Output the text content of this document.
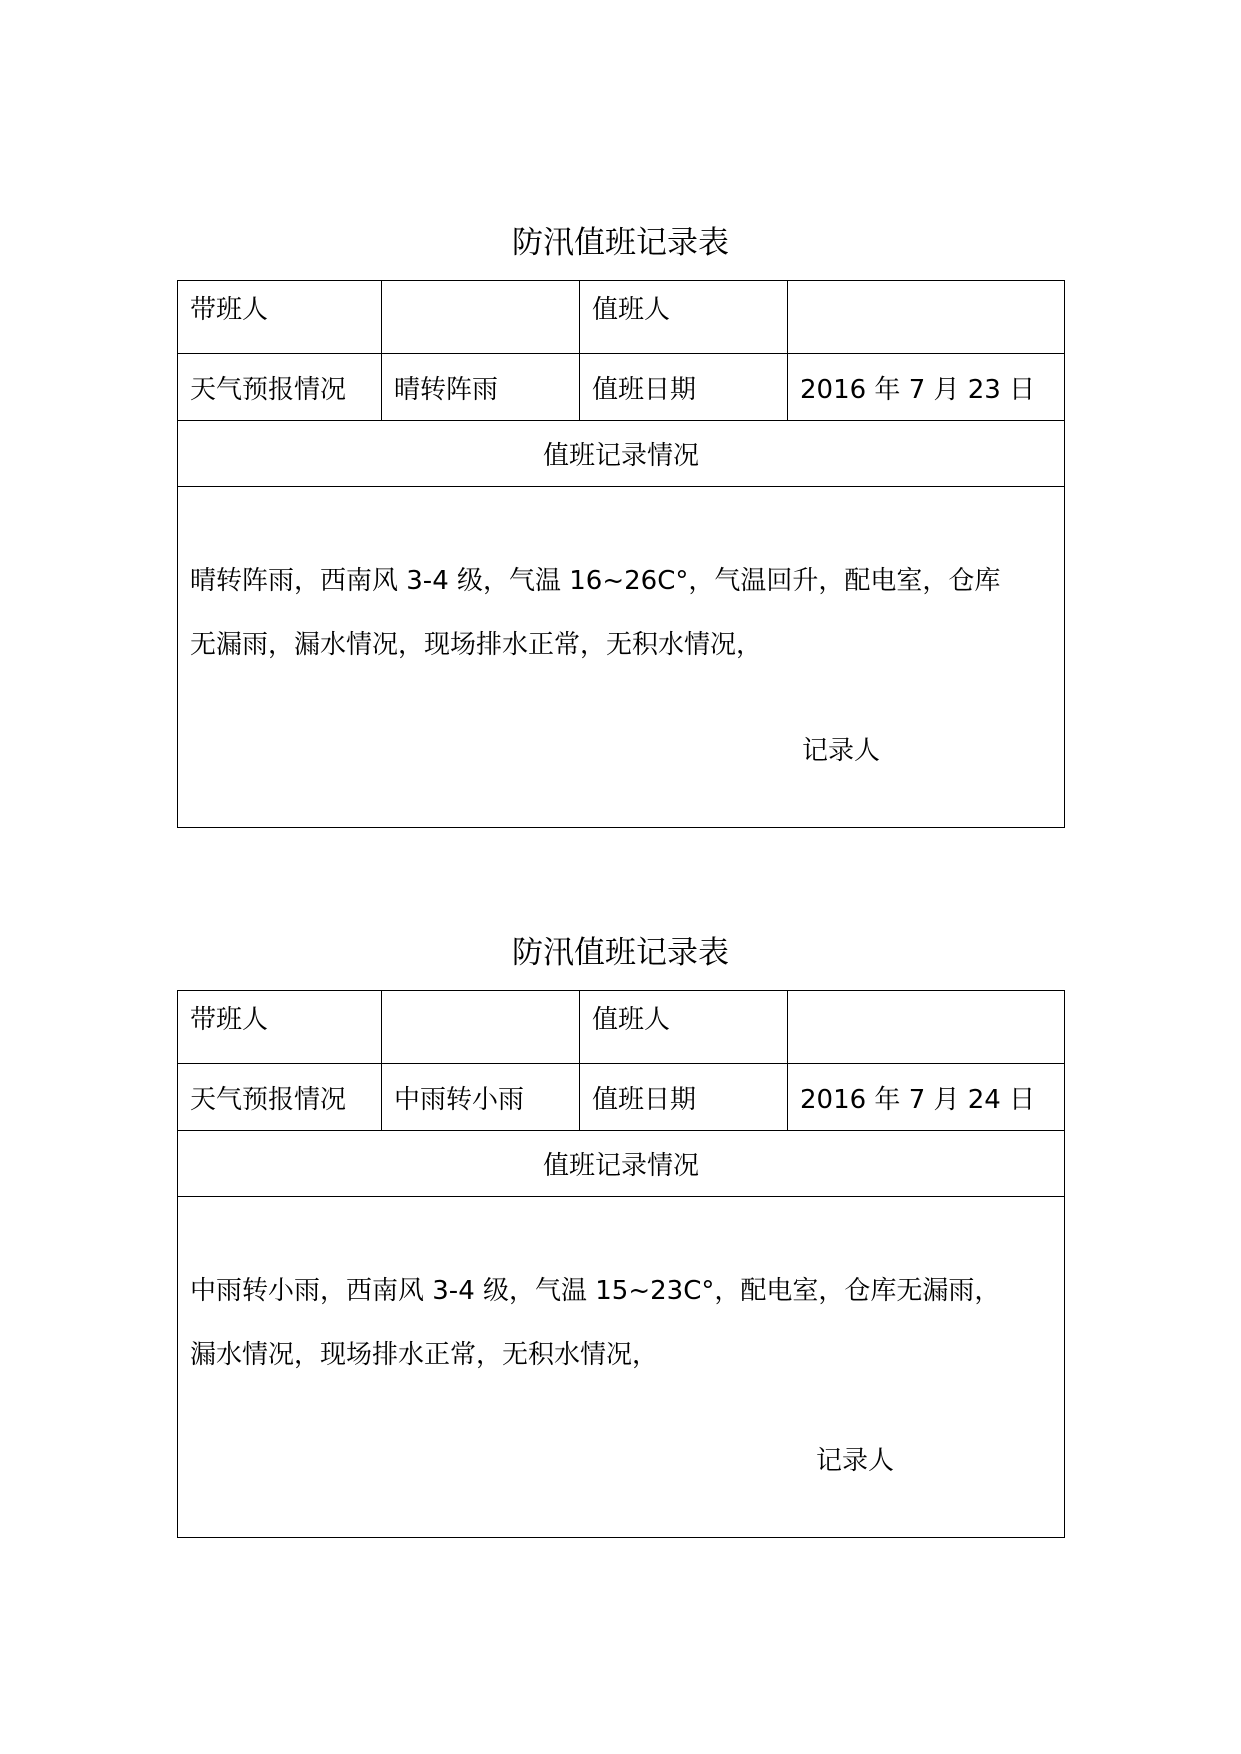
防汛值班记录表
带班人		值班人	
天气预报情况	晴转阵雨	值班日期	2016 年 7 月 23 日
值班记录情况			

晴转阵雨，西南风 3-4 级，气温 16~26C°，气温回升，配电室，仓库
无漏雨，漏水情况，现场排水正常，无积水情况，
记录人			
防汛值班记录表
带班人		值班人	
天气预报情况	中雨转小雨	值班日期	2016 年 7 月 24 日
值班记录情况			

中雨转小雨，西南风 3-4 级，气温 15~23C°，配电室，仓库无漏雨，
漏水情况，现场排水正常，无积水情况，
记录人			
